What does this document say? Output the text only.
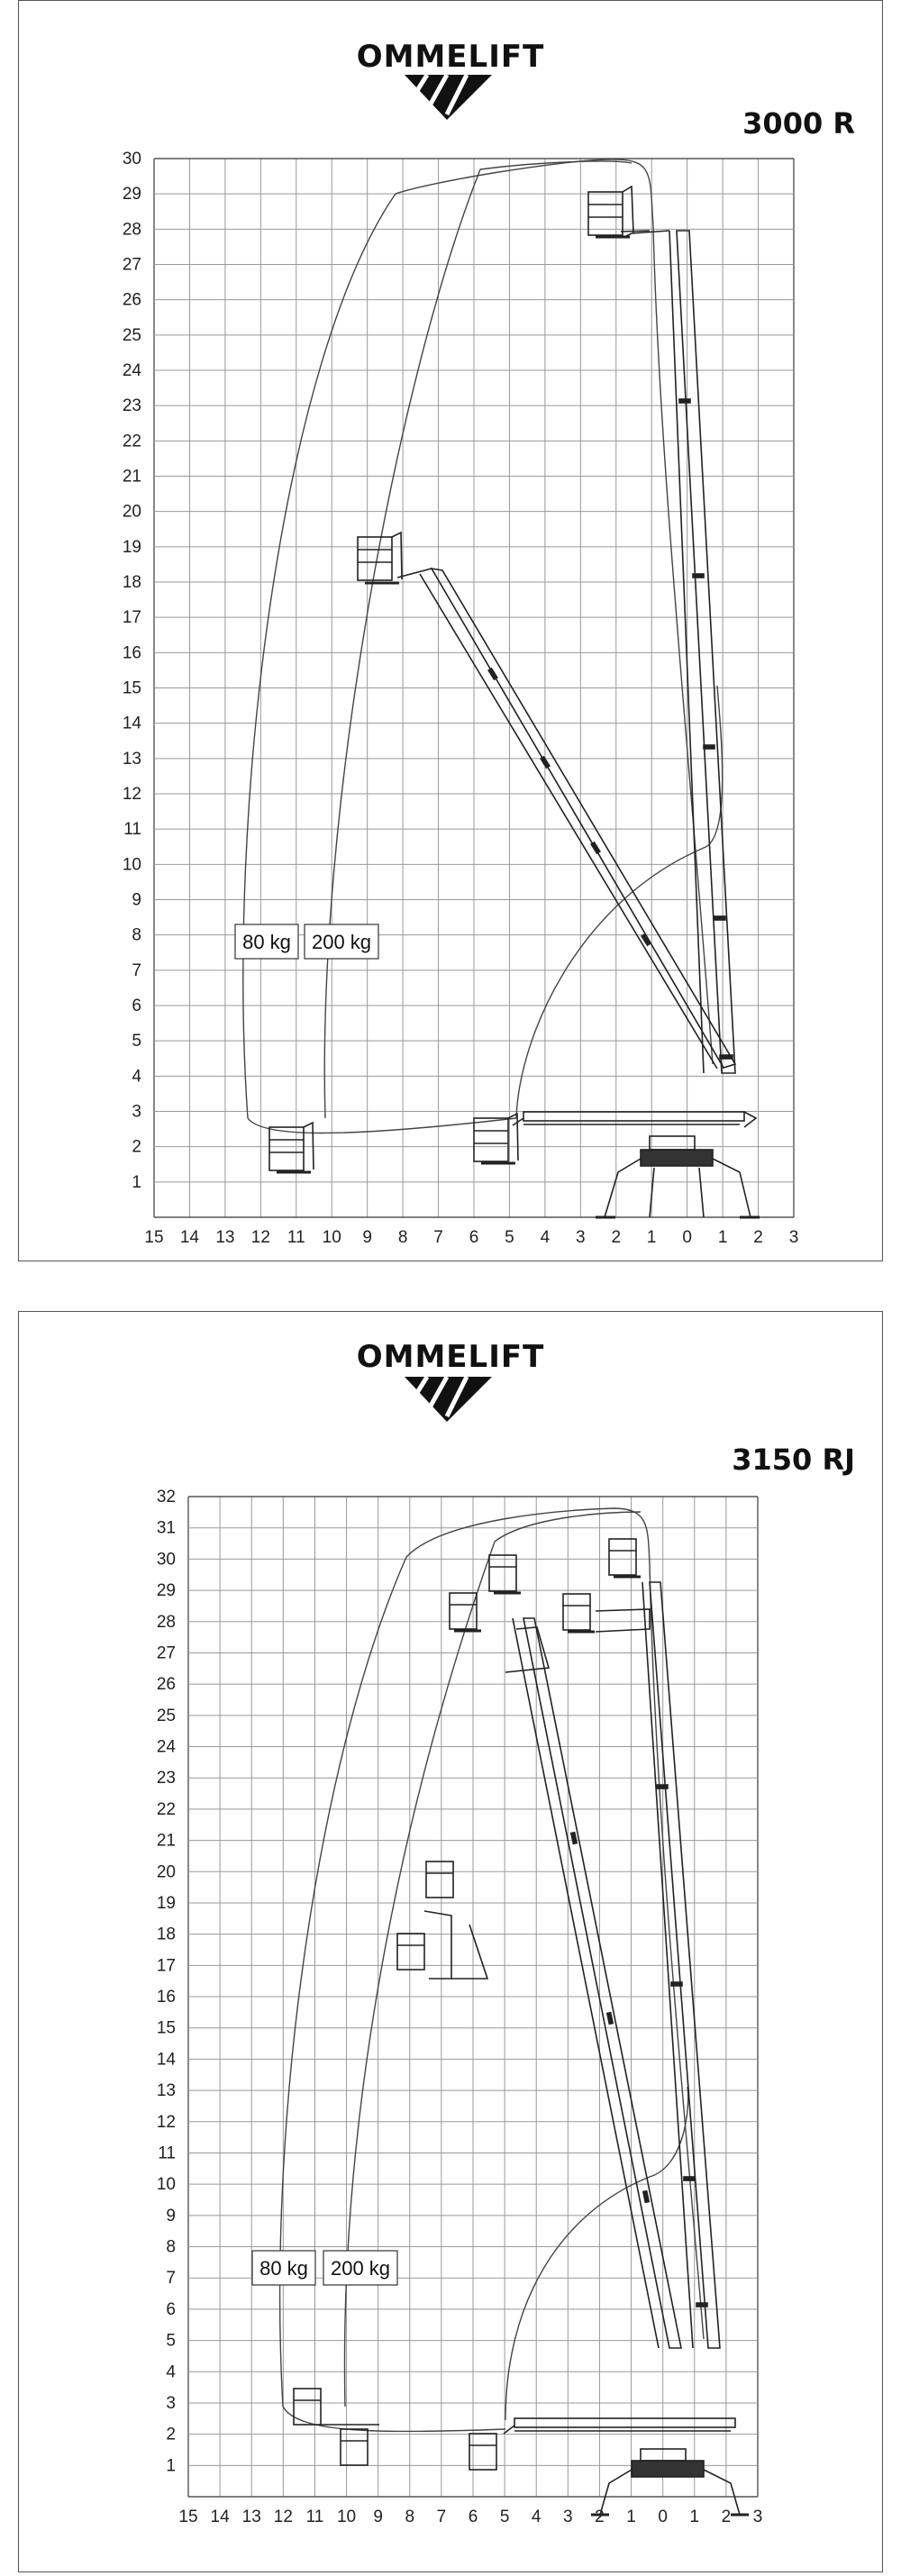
OMMELIFT
3000 R
1
2
3
4
5
6
7
8
9
10
11
12
13
14
15
16
17
18
19
20
21
22
23
24
25
26
27
28
29
30
15 14 13 12 11 10 9 8 7 6 5 4 3 2 1 0 1 2 3
80 kg 200 kg
OMMELIFT
3150 RJ
1
2
3
4
5
6
7
8
9
10
11
12
13
14
15
16
17
18
19
20
21
22
23
24
25
26
27
28
29
30
31
32
15 14 13 12 11 10 9 8 7 6 5 4 3 2 1 0 1 2 3
80 kg 200 kg
